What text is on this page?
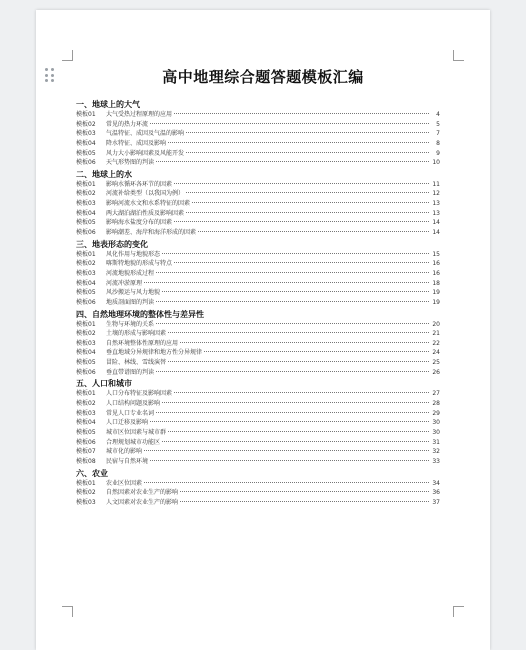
高中地理综合题答题模板汇编
一、地球上的大气
模板01	大气受热过程原理的应用	4
模板02	常见的热力环流	5
模板03	气温特征、成因及气温的影响	7
模板04	降水特征、成因及影响	8
模板05	风力大小影响因素及风能开发	9
模板06	天气形势图的判读	10
二、地球上的水
模板01	影响水循环各环节的因素	11
模板02	河流补给类型（以我国为例）	12
模板03	影响河流水文和水系特征的因素	13
模板04	两大湖泊湖泊性质及影响因素	13
模板05	影响海水盐度分布的因素	14
模板06	影响潮差、海岸和海洋形成的因素	14
三、地表形态的变化
模板01	风化作用与地貌形态	15
模板02	喀斯特地貌的形成与特点	16
模板03	河流地貌形成过程	16
模板04	河流冲淤原理	18
模板05	风沙搬运与风力地貌	19
模板06	地质剖面图的判读	19
四、自然地理环境的整体性与差异性
模板01	生物与环境的关系	20
模板02	土壤的形成与影响因素	21
模板03	自然环境整体性原理的应用	22
模板04	垂直地域分异规律和地方性分异规律	24
模板05	冒险、林线、雪线演替	25
模板06	垂直带谱图的判读	26
五、人口和城市
模板01	人口分布特征及影响因素	27
模板02	人口结构问题及影响	28
模板03	常见人口专业名词	29
模板04	人口迁移及影响	30
模板05	城市区位因素与城市群	30
模板06	合理规划城市功能区	31
模板07	城市化的影响	32
模板08	民宿与自然环境	33
六、农业
模板01	农业区位因素	34
模板02	自然因素对农业生产的影响	36
模板03	人文因素对农业生产的影响	37
